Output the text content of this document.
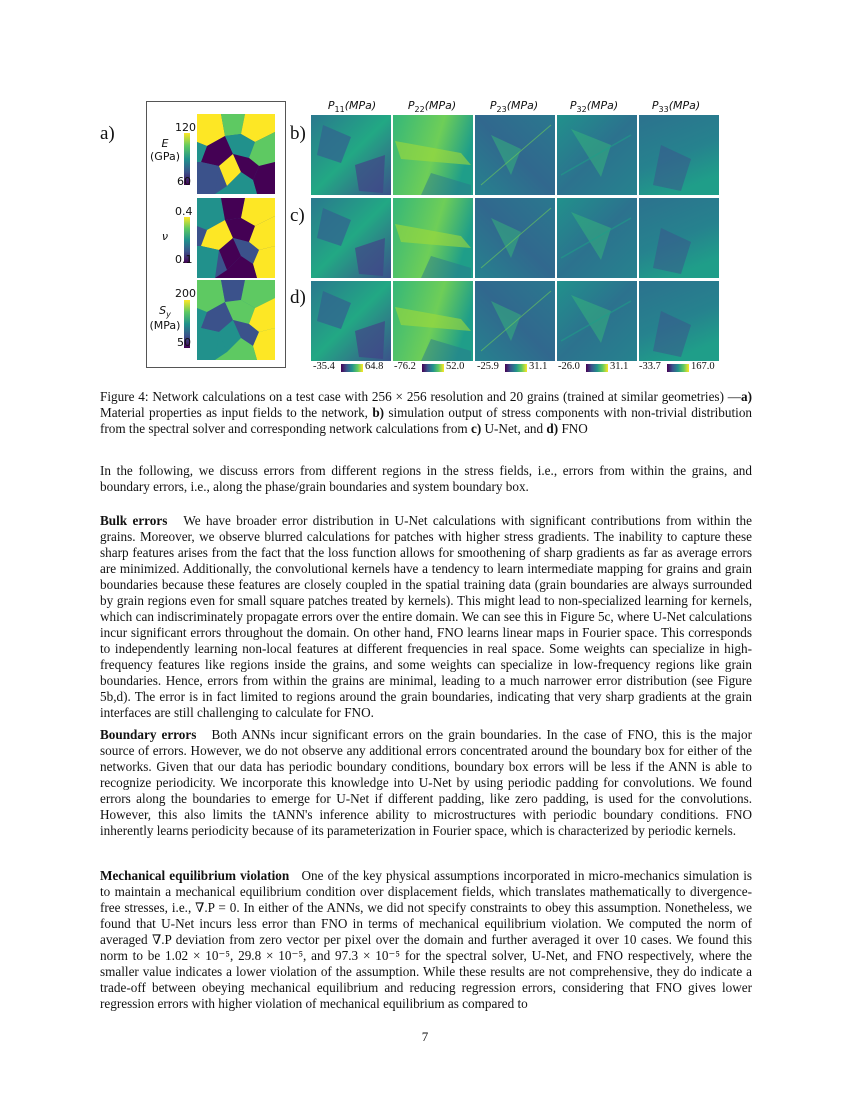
a)	b)
c)
d)
E
(GPa)
120
60
ν
0.4
0.1
$S_y$
(MPa)
200
50
$P_{11}(MPa)$	$P_{22}(MPa)$	$P_{23}(MPa)$	$P_{32}(MPa)$	$P_{33}(MPa)$
-35.4	64.8 -76.2	52.0 -25.9	31.1 -26.0	31.1 -33.7	167.0
Figure 4: Network calculations on a test case with 256 × 256 resolution and 20 grains (trained at similar geometries) —a) Material properties as input fields to the network, b) simulation output of stress components with non-trivial distribution from the spectral solver and corresponding network calculations from c) U-Net, and d) FNO

In the following, we discuss errors from different regions in the stress fields, i.e., errors from within the grains, and boundary errors, i.e., along the phase/grain boundaries and system boundary box.

Bulk errors We have broader error distribution in U-Net calculations with significant contributions from within the grains. Moreover, we observe blurred calculations for patches with higher stress gradients. The inability to capture these sharp features arises from the fact that the loss function allows for smoothening of sharp gradients as far as average errors are minimized. Additionally, the convolutional kernels have a tendency to learn intermediate mapping for grains and grain boundaries because these features are closely coupled in the spatial training data (grain boundaries are always surrounded by grain regions even for small square patches treated by kernels). This might lead to non-specialized learning for kernels, which can indiscriminately propagate errors over the entire domain. We can see this in Figure 5c, where U-Net calculations incur significant errors throughout the domain. On other hand, FNO learns linear maps in Fourier space. This corresponds to independently learning non-local features at different frequencies in real space. Some weights can specialize in high-frequency features like regions inside the grains, and some weights can specialize in low-frequency regions like grain boundaries. Hence, errors from within the grains are minimal, leading to a much narrower error distribution (see Figure 5b,d). The error is in fact limited to regions around the grain boundaries, indicating that very sharp gradients at the grain interfaces are still challenging to calculate for FNO.

Boundary errors Both ANNs incur significant errors on the grain boundaries. In the case of FNO, this is the major source of errors. However, we do not observe any additional errors concentrated around the boundary box for either of the networks. Given that our data has periodic boundary conditions, boundary box errors will be less if the ANN is able to recognize periodicity. We incorporate this knowledge into U-Net by using periodic padding for convolutions. We found errors along the boundaries to emerge for U-Net if different padding, like zero padding, is used for the convolutions. However, this also limits the tANN's inference ability to microstructures with periodic boundary conditions. FNO inherently learns periodicity because of its parameterization in Fourier space, which is characterized by periodic kernels.

Mechanical equilibrium violation One of the key physical assumptions incorporated in micro-mechanics simulation is to maintain a mechanical equilibrium condition over displacement fields, which translates mathematically to divergence-free stresses, i.e., ∇.P = 0. In either of the ANNs, we did not specify constraints to obey this assumption. Nonetheless, we found that U-Net incurs less error than FNO in terms of mechanical equilibrium violation. We computed the norm of averaged ∇.P deviation from zero vector per pixel over the domain and further averaged it over 10 cases. We found this norm to be 1.02 × 10⁻⁵, 29.8 × 10⁻⁵, and 97.3 × 10⁻⁵ for the spectral solver, U-Net, and FNO respectively, where the smaller value indicates a lower violation of the assumption. While these results are not comprehensive, they do indicate a trade-off between obeying mechanical equilibrium and reducing regression errors, considering that FNO gives lower regression errors with higher violation of mechanical equilibrium as compared to

7
